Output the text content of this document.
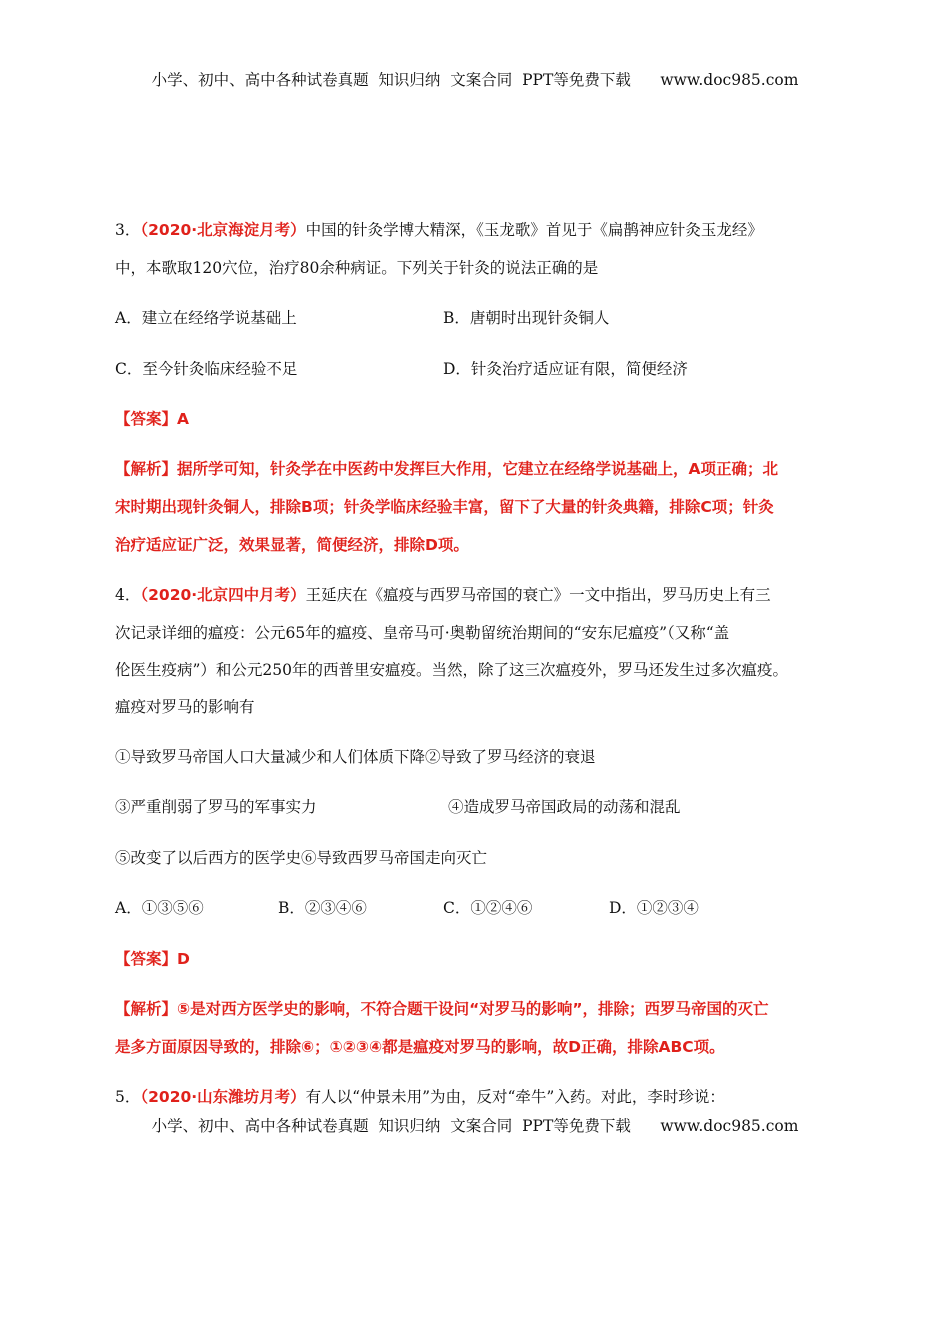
小学、初中、高中各种试卷真题  知识归纳  文案合同  PPT等免费下载      www.doc985.com
3．（2020·北京海淀月考）中国的针灸学博大精深，《玉龙歌》首见于《扁鹊神应针灸玉龙经》
中，本歌取120穴位，治疗80余种病证。下列关于针灸的说法正确的是
A．建立在经络学说基础上	B．唐朝时出现针灸铜人
C．至今针灸临床经验不足	D．针灸治疗适应证有限，简便经济
【答案】A
【解析】据所学可知，针灸学在中医药中发挥巨大作用，它建立在经络学说基础上，A项正确；北
宋时期出现针灸铜人，排除B项；针灸学临床经验丰富，留下了大量的针灸典籍，排除C项；针灸
治疗适应证广泛，效果显著，简便经济，排除D项。
4．（2020·北京四中月考）王延庆在《瘟疫与西罗马帝国的衰亡》一文中指出，罗马历史上有三
次记录详细的瘟疫：公元65年的瘟疫、皇帝马可·奥勒留统治期间的“安东尼瘟疫”（又称“盖
伦医生疫病”）和公元250年的西普里安瘟疫。当然，除了这三次瘟疫外，罗马还发生过多次瘟疫。
瘟疫对罗马的影响有
①导致罗马帝国人口大量减少和人们体质下降②导致了罗马经济的衰退
③严重削弱了罗马的军事实力	④造成罗马帝国政局的动荡和混乱
⑤改变了以后西方的医学史⑥导致西罗马帝国走向灭亡
A．①③⑤⑥	B．②③④⑥	C．①②④⑥	D．①②③④
【答案】D
【解析】⑤是对西方医学史的影响，不符合题干设问“对罗马的影响”，排除；西罗马帝国的灭亡
是多方面原因导致的，排除⑥；①②③④都是瘟疫对罗马的影响，故D正确，排除ABC项。
5．（2020·山东潍坊月考）有人以“仲景未用”为由，反对“牵牛”入药。对此，李时珍说：
小学、初中、高中各种试卷真题  知识归纳  文案合同  PPT等免费下载      www.doc985.com
